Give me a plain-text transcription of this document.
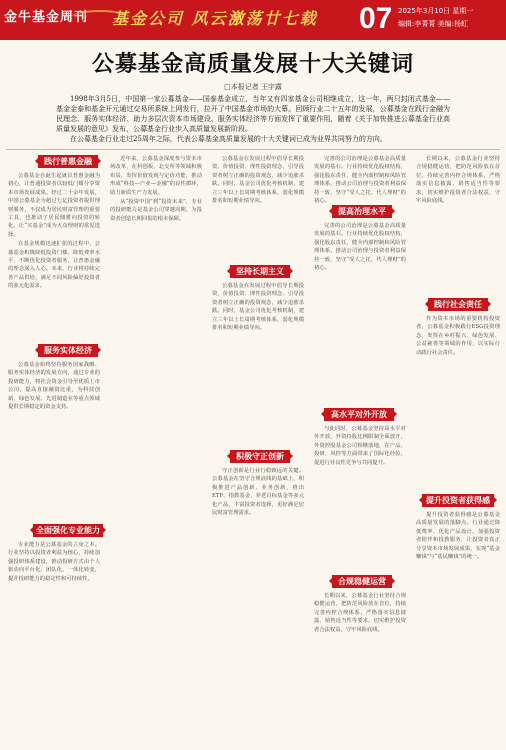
金牛基金周刊 基金公司 风云激荡廿七载 07 2025年3月10日 星期一
编辑:李菁菁 美编:杨虹
公募基金高质量发展十大关键词
□本报记者 王宇露
1998年3月5日，中国第一家公募基金——国泰基金成立，当年又有四家基金公司相继成立，这一年，两只封闭式基金——基金金泰和基金开元通过交易所系统上网发行，拉开了中国基金市场的大幕。回顾行业二十五年的发展，公募基金在践行金融为民理念、服务实体经济、助力多层次资本市场建设、服务实体经济等方面发挥了重要作用，随着《关于加快推进公募基金行业高质量发展的意见》发布，公募基金行业步入高质量发展新阶段。
在公募基金行业走过25周年之际，代表公募基金高质量发展的十大关键词已成为业界共同努力的方向。
践行普惠金融

公募基金自诞生起就以普惠金融为初心，让普通投资者以较低门槛分享资本市场发展成果。经过二十余年发展，中国公募基金为超过七亿投资者提供理财服务，不仅成为居民财富管理的重要工具，也推动了居民储蓄向投资的转化，让“买基金”成为大众理财的常见选择。

在基金规模迅速扩张的过程中，公募基金积极降低投资门槛、降低费率水平，不断优化投资者服务，让普惠金融的理念深入人心。未来，行业将持续完善产品供给，满足不同风险偏好投资者的多元化需求。

服务实体经济

公募基金始终坚持服务国家战略、服务实体经济的发展方向，通过专业的投研能力，将社会资金引导至优质上市公司，提高直接融资比重，为科技创新、绿色发展、先进制造业等重点领域提供长期稳定的资金支持。

全面强化专业能力

专业能力是公募基金的立身之本。行业坚持以投资者利益为核心，持续加强投研体系建设，推动投研方式由个人驱动向平台化、团队化、一体化转变，提升投研能力的稳定性和可持续性。

近年来，公募基金深度参与资本市场改革，在科创板、北交所等领域积极布局，发挥价值发现与定价功能，推动形成“科技—产业—金融”的良性循环，助力新质生产力发展。

从“投资中国”到“投资未来”，专业的投研能力是基金公司穿越周期、为投资者创造长期回报的根本保障。

公募基金在发展过程中倡导长期投资、价值投资、理性投资理念，引导投资者树立正确的投资观念，减少追涨杀跌。同时，基金公司优化考核机制，建立三年以上长周期考核体系，弱化规模排名和短期业绩导向。

坚持长期主义

公募基金在发展过程中倡导长期投资、价值投资、理性投资理念，引导投资者树立正确的投资观念，减少追涨杀跌。同时，基金公司优化考核机制，建立三年以上长周期考核体系，弱化规模排名和短期业绩导向。

积极守正创新

守正创新是行业行稳致远的关键。公募基金在坚守合规底线的基础上，积极推进产品创新、业务创新，推出ETF、指数基金、养老目标基金等多元化产品，丰富投资者选择，更好满足居民财富管理需求。

完善的公司治理是公募基金高质量发展的基石。行业持续优化股权结构，强化股东责任，健全内部控制和风险管理体系，推动公司治理与投资者利益保持一致，坚守“受人之托、代人理财”的初心。

提高治理水平

完善的公司治理是公募基金高质量发展的基石。行业持续优化股权结构，强化股东责任，健全内部控制和风险管理体系，推动公司治理与投资者利益保持一致，坚守“受人之托、代人理财”的初心。

高水平对外开放

与此同时，公募基金坚持高水平对外开放，外资持股比例限制全面放开，外资控股基金公司相继落地，在产品、投研、风控等方面带来了国际化经验，促进行业良性竞争与共同提升。

合规稳健运营

长期以来，公募基金行业坚持合规稳健运营，把防范风险放在首位，持续完善内控合规体系，严格落实信息披露、销售适当性等要求，切实维护投资者合法权益，守牢风险底线。

长期以来，公募基金行业坚持合规稳健运营，把防范风险放在首位，持续完善内控合规体系，严格落实信息披露、销售适当性等要求，切实维护投资者合法权益，守牢风险底线。

践行社会责任

作为资本市场的重要机构投资者，公募基金积极践行ESG投资理念，发挥在乡村振兴、绿色发展、公益慈善等领域的作用，以实际行动践行社会责任。

提升投资者获得感

提升投资者获得感是公募基金高质量发展的落脚点。行业通过降低费率、优化产品设计、加强投资者陪伴和投教服务，让投资者真正分享资本市场发展成果，实现“基金赚钱”与“基民赚钱”的统一。
